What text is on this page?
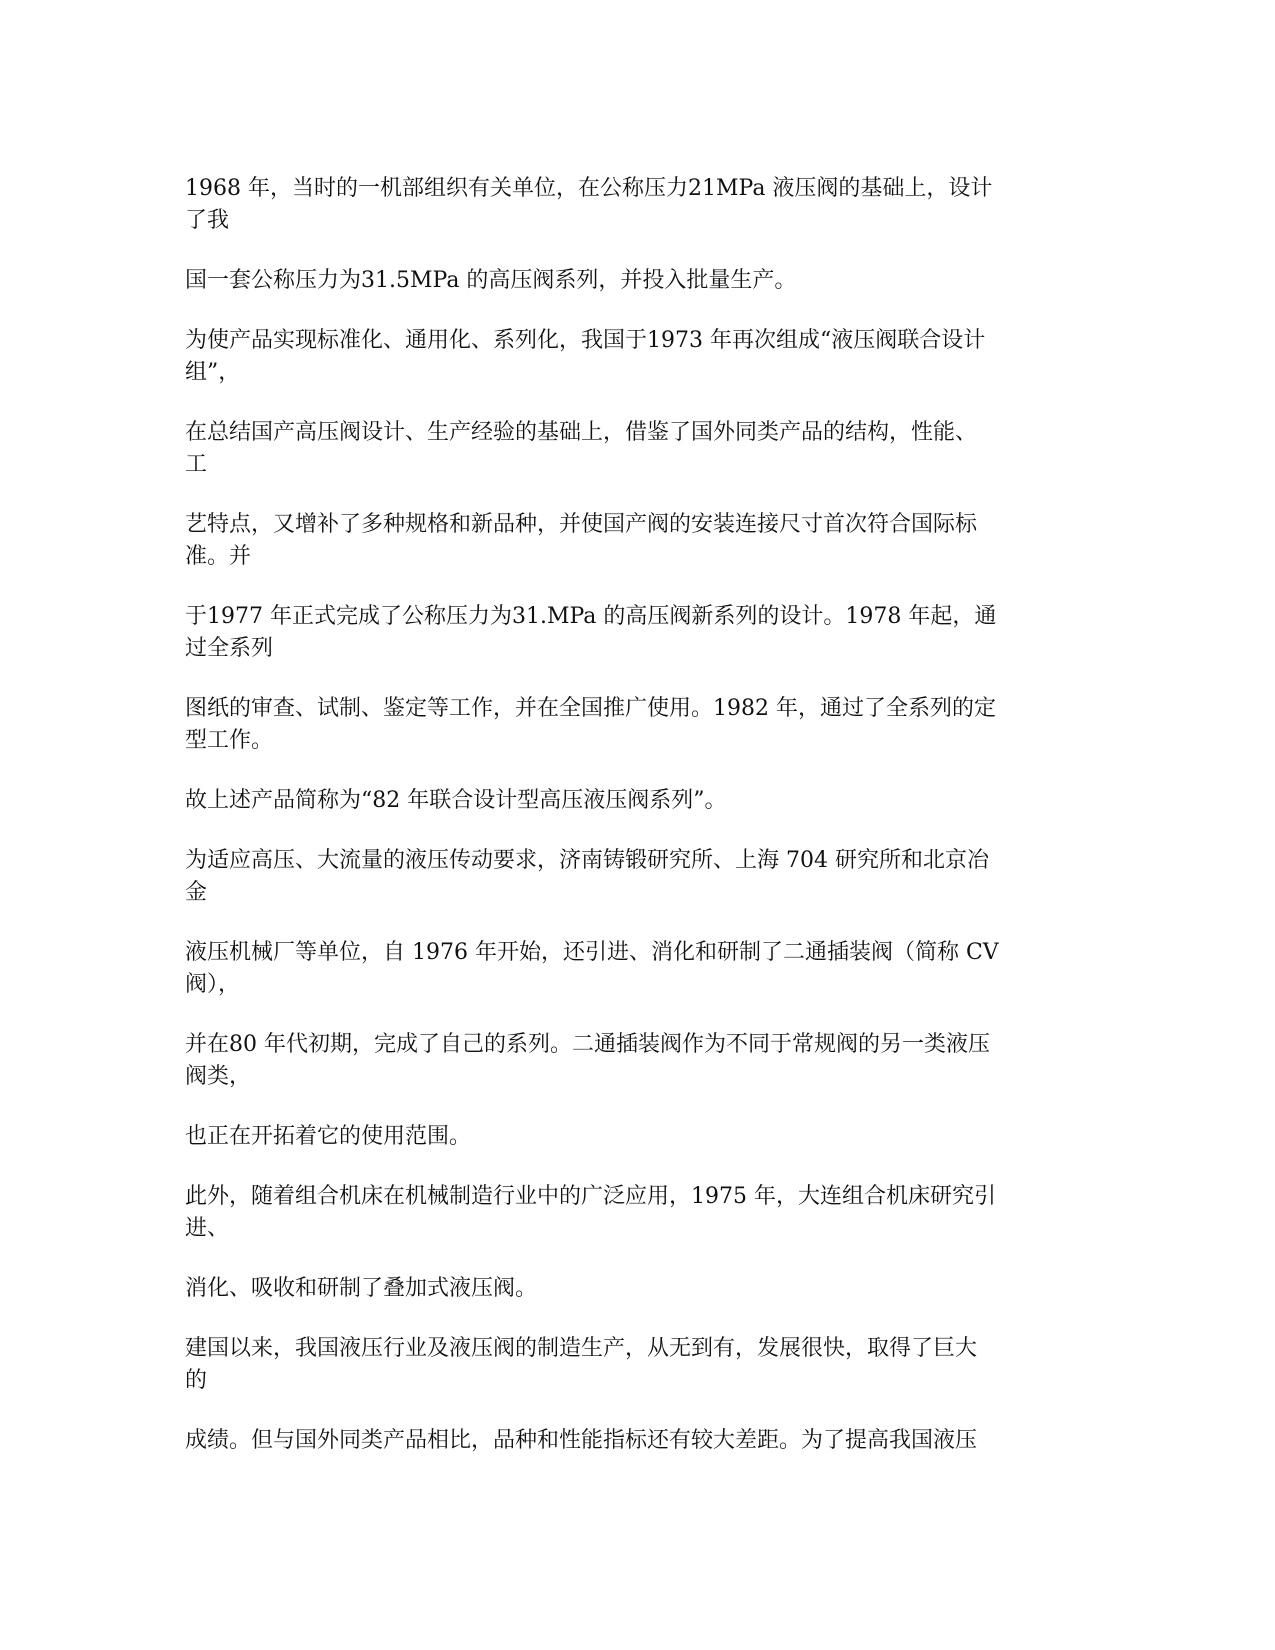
1968 年，当时的一机部组织有关单位，在公称压力21MPa 液压阀的基础上，设计
了我

国一套公称压力为31.5MPa 的高压阀系列，并投入批量生产。

为使产品实现标准化、通用化、系列化，我国于1973 年再次组成“液压阀联合设计
组”，

在总结国产高压阀设计、生产经验的基础上，借鉴了国外同类产品的结构，性能、
工

艺特点，又增补了多种规格和新品种，并使国产阀的安装连接尺寸首次符合国际标
准。并

于1977 年正式完成了公称压力为31.MPa 的高压阀新系列的设计。1978 年起，通
过全系列

图纸的审查、试制、鉴定等工作，并在全国推广使用。1982 年，通过了全系列的定
型工作。

故上述产品简称为“82 年联合设计型高压液压阀系列”。

为适应高压、大流量的液压传动要求，济南铸锻研究所、上海 704 研究所和北京冶
金

液压机械厂等单位，自 1976 年开始，还引进、消化和研制了二通插装阀（简称 CV
阀），

并在80 年代初期，完成了自己的系列。二通插装阀作为不同于常规阀的另一类液压
阀类，

也正在开拓着它的使用范围。

此外，随着组合机床在机械制造行业中的广泛应用，1975 年，大连组合机床研究引
进、

消化、吸收和研制了叠加式液压阀。

建国以来，我国液压行业及液压阀的制造生产，从无到有，发展很快，取得了巨大
的

成绩。但与国外同类产品相比，品种和性能指标还有较大差距。为了提高我国液压
